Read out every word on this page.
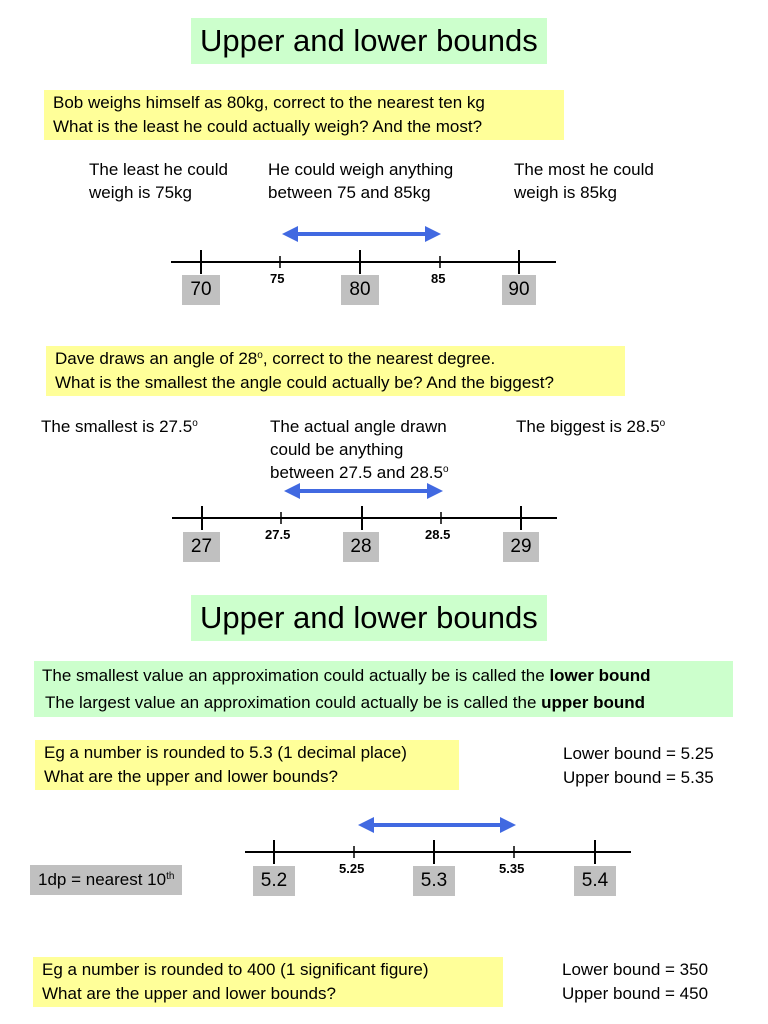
Upper and lower bounds
Bob weighs himself as 80kg, correct to the nearest ten kg
What is the least he could actually weigh? And the most?
The least he could
weigh is 75kg
He could weigh anything
between 75 and 85kg
The most he could
weigh is 85kg
70	80	90
75	85
Dave draws an angle of 28$^o$, correct to the nearest degree.
What is the smallest the angle could actually be? And the biggest?
The smallest is 27.5$^o$	The actual angle drawn
could be anything
between 27.5 and 28.5$^o$
The biggest is 28.5$^o$
27	28	29
27.5	28.5
Upper and lower bounds
The smallest value an approximation could actually be is called the lower bound
The largest value an approximation could actually be is called the upper bound
Eg a number is rounded to 5.3 (1 decimal place)
What are the upper and lower bounds?
Lower bound = 5.25
Upper bound = 5.35
1dp = nearest 10th	5.2	5.3	5.4
5.25	5.35
Eg a number is rounded to 400 (1 significant figure)
What are the upper and lower bounds?
Lower bound = 350
Upper bound = 450
